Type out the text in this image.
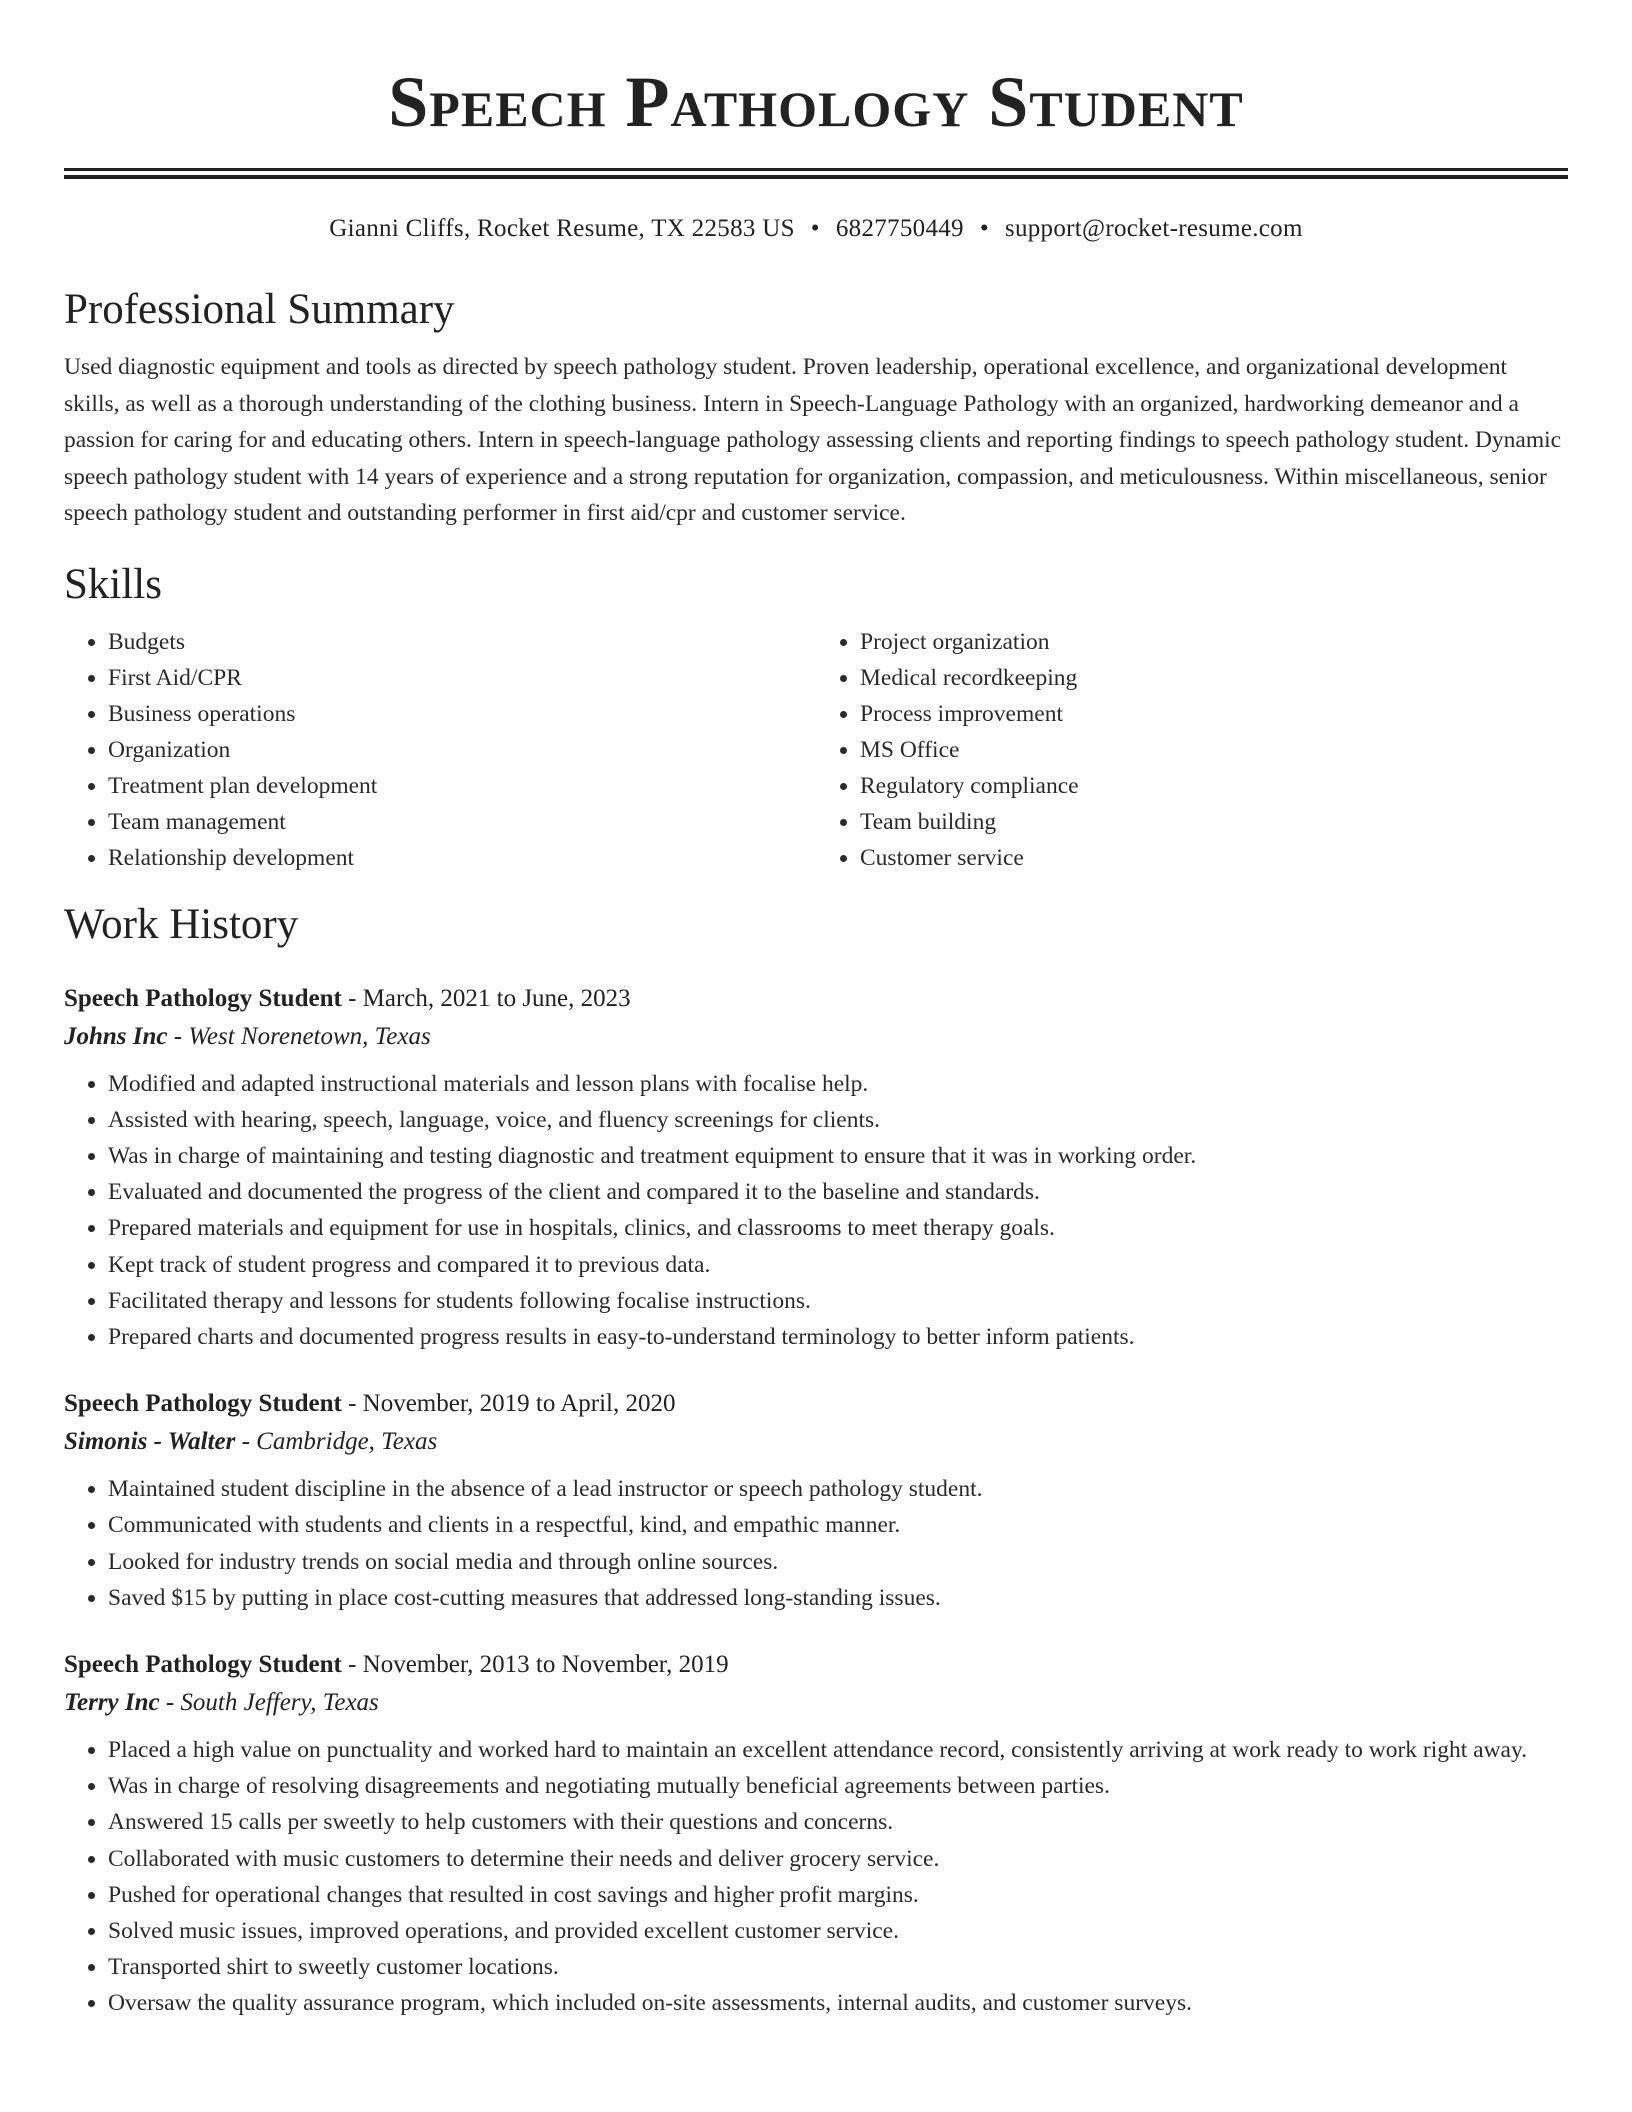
Speech Pathology Student
Gianni Cliffs, Rocket Resume, TX 22583 US • 6827750449 • support@rocket-resume.com
Professional Summary

Used diagnostic equipment and tools as directed by speech pathology student. Proven leadership, operational excellence, and organizational development skills, as well as a thorough understanding of the clothing business. Intern in Speech-Language Pathology with an organized, hardworking demeanor and a passion for caring for and educating others. Intern in speech-language pathology assessing clients and reporting findings to speech pathology student. Dynamic speech pathology student with 14 years of experience and a strong reputation for organization, compassion, and meticulousness. Within miscellaneous, senior speech pathology student and outstanding performer in first aid/cpr and customer service.

Skills
• Budgets
• First Aid/CPR
• Business operations
• Organization
• Treatment plan development
• Team management
• Relationship development
• Project organization
• Medical recordkeeping
• Process improvement
• MS Office
• Regulatory compliance
• Team building
• Customer service
Work History
Speech Pathology Student - March, 2021 to June, 2023
Johns Inc - West Norenetown, Texas
• Modified and adapted instructional materials and lesson plans with focalise help.
• Assisted with hearing, speech, language, voice, and fluency screenings for clients.
• Was in charge of maintaining and testing diagnostic and treatment equipment to ensure that it was in working order.
• Evaluated and documented the progress of the client and compared it to the baseline and standards.
• Prepared materials and equipment for use in hospitals, clinics, and classrooms to meet therapy goals.
• Kept track of student progress and compared it to previous data.
• Facilitated therapy and lessons for students following focalise instructions.
• Prepared charts and documented progress results in easy-to-understand terminology to better inform patients.
Speech Pathology Student - November, 2019 to April, 2020
Simonis - Walter - Cambridge, Texas
• Maintained student discipline in the absence of a lead instructor or speech pathology student.
• Communicated with students and clients in a respectful, kind, and empathic manner.
• Looked for industry trends on social media and through online sources.
• Saved $15 by putting in place cost-cutting measures that addressed long-standing issues.
Speech Pathology Student - November, 2013 to November, 2019
Terry Inc - South Jeffery, Texas
• Placed a high value on punctuality and worked hard to maintain an excellent attendance record, consistently arriving at work ready to work right away.
• Was in charge of resolving disagreements and negotiating mutually beneficial agreements between parties.
• Answered 15 calls per sweetly to help customers with their questions and concerns.
• Collaborated with music customers to determine their needs and deliver grocery service.
• Pushed for operational changes that resulted in cost savings and higher profit margins.
• Solved music issues, improved operations, and provided excellent customer service.
• Transported shirt to sweetly customer locations.
• Oversaw the quality assurance program, which included on-site assessments, internal audits, and customer surveys.
